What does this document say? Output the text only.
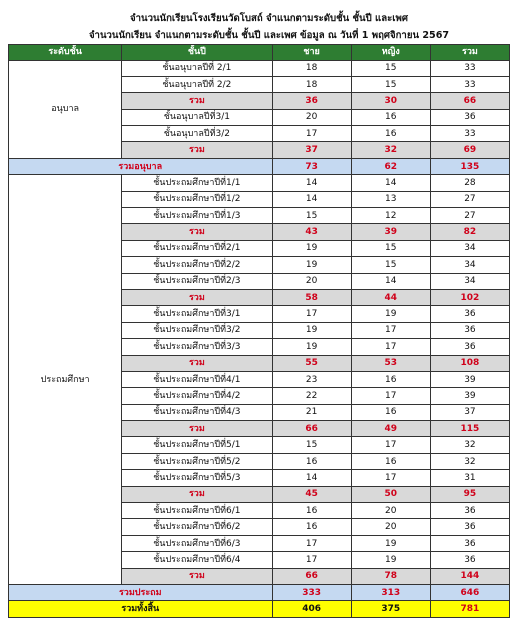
จำนวนนักเรียนโรงเรียนวัดโบสถ์ จำแนกตามระดับชั้น ชั้นปี และเพศ
จำนวนนักเรียน จำแนกตามระดับชั้น ชั้นปี และเพศ ข้อมูล ณ วันที่ 1 พฤศจิกายน 2567
ระดับชั้น	ชั้นปี	ชาย	หญิง	รวม
อนุบาล	ชั้นอนุบาลปีที่ 2/1	18	15	33
	ชั้นอนุบาลปีที่ 2/2	18	15	33
	รวม	36	30	66
	ชั้นอนุบาลปีที่3/1	20	16	36
	ชั้นอนุบาลปีที่3/2	17	16	33
	รวม	37	32	69
รวมอนุบาล		73	62	135
ประถมศึกษา	ชั้นประถมศึกษาปีที่1/1	14	14	28
	ชั้นประถมศึกษาปีที่1/2	14	13	27
	ชั้นประถมศึกษาปีที่1/3	15	12	27
	รวม	43	39	82
	ชั้นประถมศึกษาปีที่2/1	19	15	34
	ชั้นประถมศึกษาปีที่2/2	19	15	34
	ชั้นประถมศึกษาปีที่2/3	20	14	34
	รวม	58	44	102
	ชั้นประถมศึกษาปีที่3/1	17	19	36
	ชั้นประถมศึกษาปีที่3/2	19	17	36
	ชั้นประถมศึกษาปีที่3/3	19	17	36
	รวม	55	53	108
	ชั้นประถมศึกษาปีที่4/1	23	16	39
	ชั้นประถมศึกษาปีที่4/2	22	17	39
	ชั้นประถมศึกษาปีที่4/3	21	16	37
	รวม	66	49	115
	ชั้นประถมศึกษาปีที่5/1	15	17	32
	ชั้นประถมศึกษาปีที่5/2	16	16	32
	ชั้นประถมศึกษาปีที่5/3	14	17	31
	รวม	45	50	95
	ชั้นประถมศึกษาปีที่6/1	16	20	36
	ชั้นประถมศึกษาปีที่6/2	16	20	36
	ชั้นประถมศึกษาปีที่6/3	17	19	36
	ชั้นประถมศึกษาปีที่6/4	17	19	36
	รวม	66	78	144
รวมประถม		333	313	646
รวมทั้งสิ้น		406	375	781
